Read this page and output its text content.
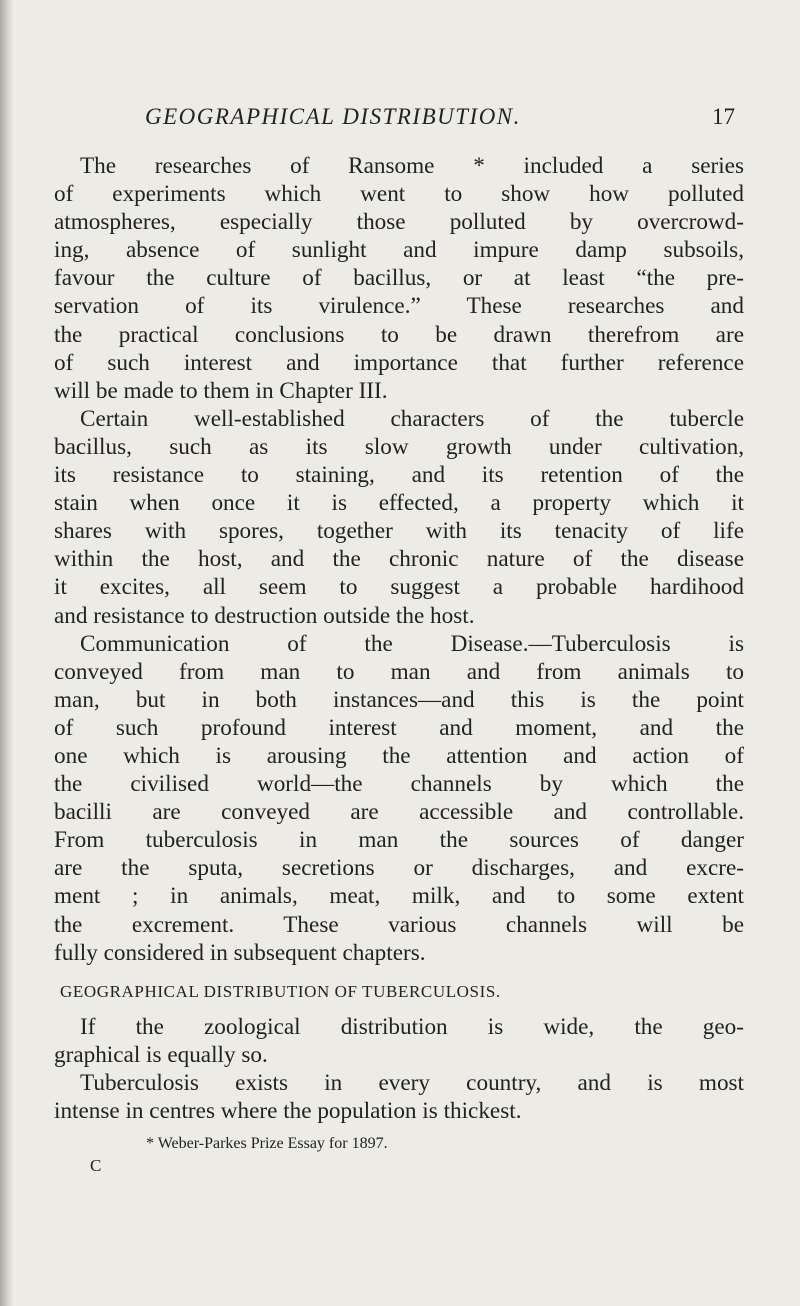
GEOGRAPHICAL DISTRIBUTION.	17
The researches of Ransome * included a series
of experiments which went to show how polluted
atmospheres, especially those polluted by overcrowd-
ing, absence of sunlight and impure damp subsoils,
favour the culture of bacillus, or at least “the pre-
servation of its virulence.” These researches and
the practical conclusions to be drawn therefrom are
of such interest and importance that further reference
will be made to them in Chapter III.
Certain well-established characters of the tubercle
bacillus, such as its slow growth under cultivation,
its resistance to staining, and its retention of the
stain when once it is effected, a property which it
shares with spores, together with its tenacity of life
within the host, and the chronic nature of the disease
it excites, all seem to suggest a probable hardihood
and resistance to destruction outside the host.
Communication of the Disease.—Tuberculosis is
conveyed from man to man and from animals to
man, but in both instances—and this is the point
of such profound interest and moment, and the
one which is arousing the attention and action of
the civilised world—the channels by which the
bacilli are conveyed are accessible and controllable.
From tuberculosis in man the sources of danger
are the sputa, secretions or discharges, and excre-
ment ; in animals, meat, milk, and to some extent
the excrement. These various channels will be
fully considered in subsequent chapters.
GEOGRAPHICAL DISTRIBUTION OF TUBERCULOSIS.
If the zoological distribution is wide, the geo-
graphical is equally so.
Tuberculosis exists in every country, and is most
intense in centres where the population is thickest.
* Weber-Parkes Prize Essay for 1897.
C
